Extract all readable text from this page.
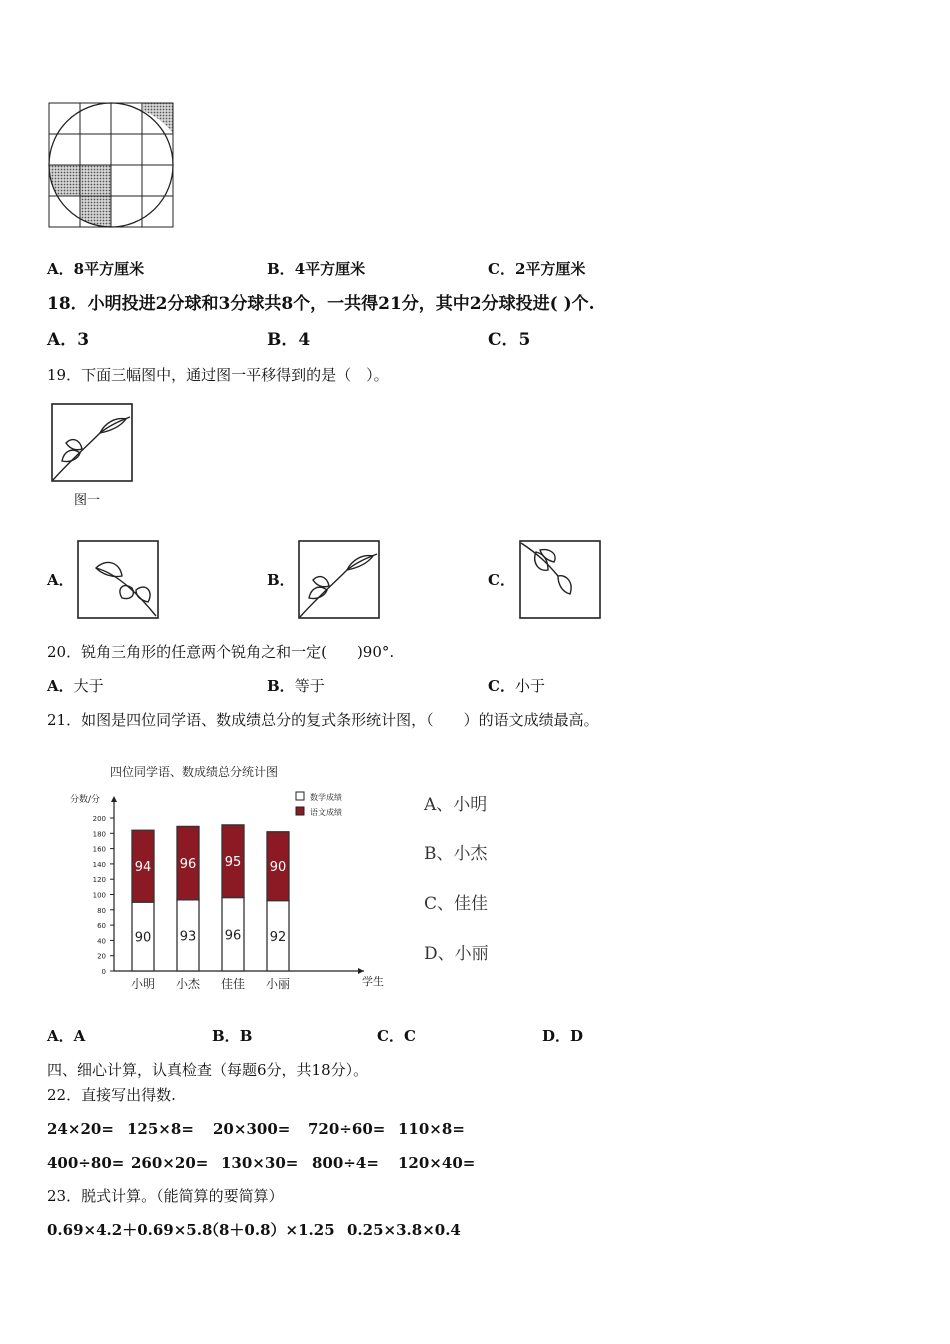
A．8平方厘米	B．4平方厘米	C．2平方厘米
18．小明投进2分球和3分球共8个，一共得21分，其中2分球投进( )个.
A．3	B．4	C．5
19．下面三幅图中，通过图一平移得到的是（　）。
图一
A．	B．	C．
20．锐角三角形的任意两个锐角之和一定(　　)90°.
A．大于	B．等于	C．小于
21．如图是四位同学语、数成绩总分的复式条形统计图，（　　）的语文成绩最高。
四位同学语、数成绩总分统计图
分数/分
学生
0
20
40
60
80
100
120
140
160
180
200
数学成绩
语文成绩
90
94
小明
93
96
小杰
96
95
佳佳
92
90
小丽
A、小明
B、小杰
C、佳佳
D、小丽
A．A	B．B	C．C	D．D
四、细心计算，认真检查（每题6分，共18分）。
22．直接写出得数.
24×20= 125×8= 20×300= 720÷60= 110×8=
400÷80= 260×20= 130×30= 800÷4= 120×40=
23．脱式计算。（能简算的要简算）
0.69×4.2＋0.69×5.8
（8＋0.8）×1.25 0.25×3.8×0.4
